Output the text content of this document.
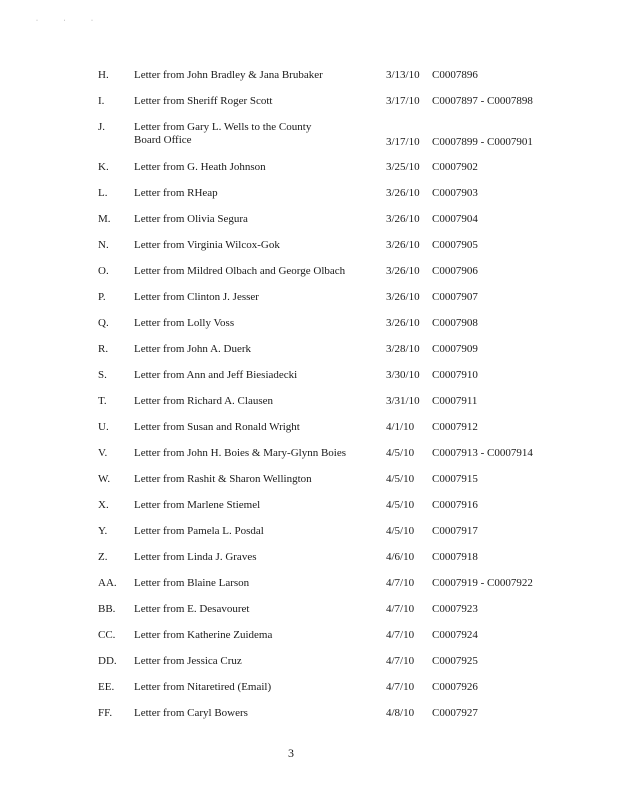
· · ·
H. Letter from John Bradley & Jana Brubaker	3/13/10 C0007896
I.	Letter from Sheriff Roger Scott	3/17/10 C0007897 - C0007898
J.	Letter from Gary L. Wells to the County
Board Office	3/17/10 C0007899 - C0007901
K. Letter from G. Heath Johnson	3/25/10 C0007902
L. Letter from RHeap	3/26/10 C0007903
M. Letter from Olivia Segura	3/26/10 C0007904
N. Letter from Virginia Wilcox-Gok	3/26/10 C0007905
O. Letter from Mildred Olbach and George Olbach	3/26/10 C0007906
P.	Letter from Clinton J. Jesser	3/26/10 C0007907
Q. Letter from Lolly Voss	3/26/10 C0007908
R. Letter from John A. Duerk	3/28/10 C0007909
S. Letter from Ann and Jeff Biesiadecki	3/30/10 C0007910
T. Letter from Richard A. Clausen	3/31/10 C0007911
U. Letter from Susan and Ronald Wright	4/1/10 C0007912
V. Letter from John H. Boies & Mary-Glynn Boies	4/5/10 C0007913 - C0007914
W. Letter from Rashit & Sharon Wellington	4/5/10 C0007915
X. Letter from Marlene Stiemel	4/5/10 C0007916
Y. Letter from Pamela L. Posdal	4/5/10 C0007917
Z. Letter from Linda J. Graves	4/6/10 C0007918
AA. Letter from Blaine Larson	4/7/10 C0007919 - C0007922
BB. Letter from E. Desavouret	4/7/10 C0007923
CC. Letter from Katherine Zuidema	4/7/10 C0007924
DD. Letter from Jessica Cruz	4/7/10 C0007925
EE. Letter from Nitaretired (Email)	4/7/10 C0007926
FF. Letter from Caryl Bowers	4/8/10 C0007927
3
